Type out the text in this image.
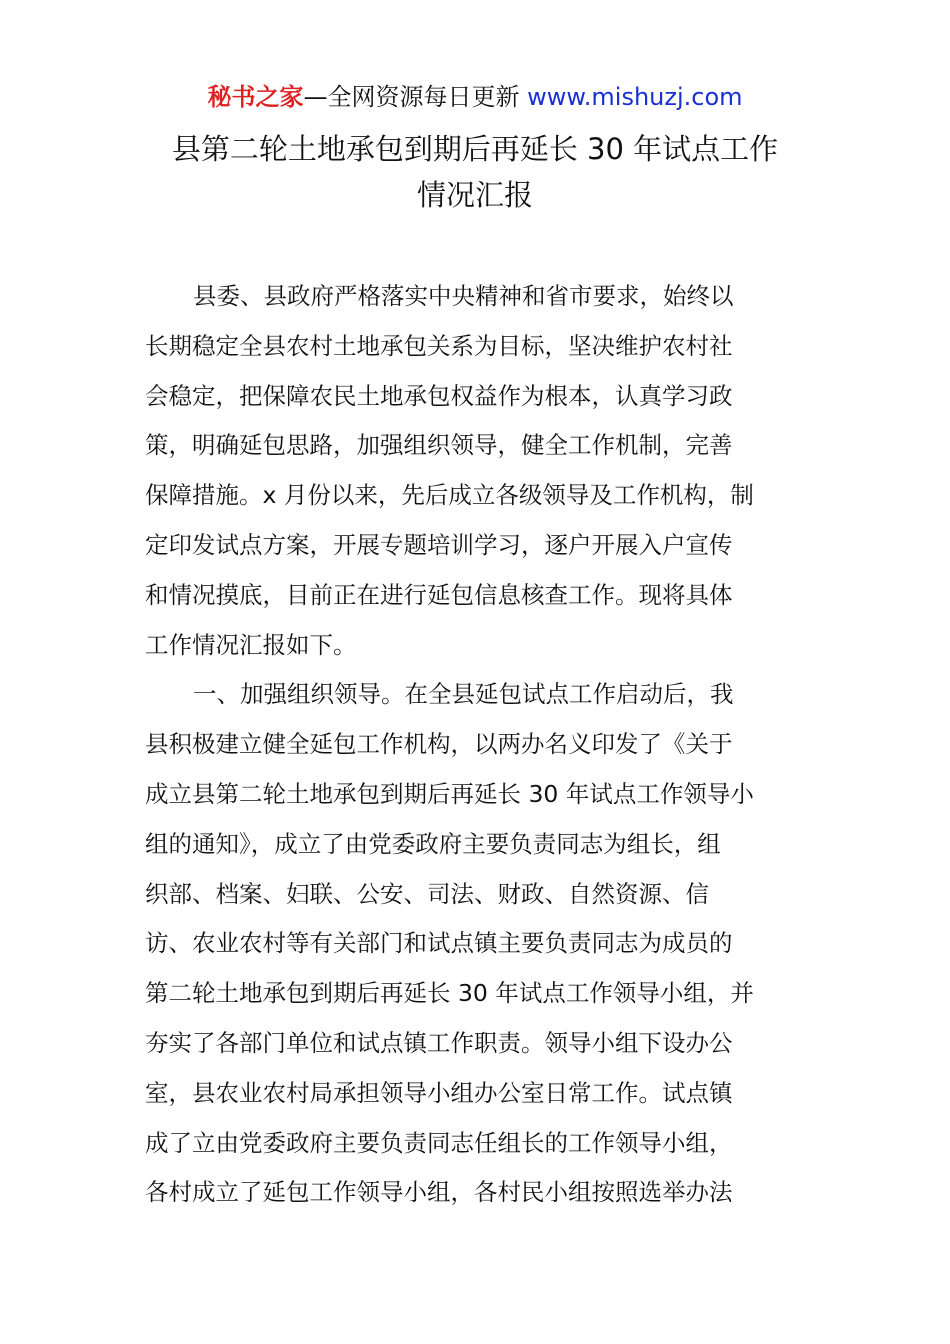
秘书之家—全网资源每日更新 www.mishuzj.com
县第二轮土地承包到期后再延长 30 年试点工作
情况汇报
县委、县政府严格落实中央精神和省市要求，始终以
长期稳定全县农村土地承包关系为目标，坚决维护农村社
会稳定，把保障农民土地承包权益作为根本，认真学习政
策，明确延包思路，加强组织领导，健全工作机制，完善
保障措施。x 月份以来，先后成立各级领导及工作机构，制
定印发试点方案，开展专题培训学习，逐户开展入户宣传
和情况摸底，目前正在进行延包信息核查工作。现将具体
工作情况汇报如下。
一、加强组织领导。在全县延包试点工作启动后，我
县积极建立健全延包工作机构，以两办名义印发了《关于
成立县第二轮土地承包到期后再延长 30 年试点工作领导小
组的通知》，成立了由党委政府主要负责同志为组长，组
织部、档案、妇联、公安、司法、财政、自然资源、信
访、农业农村等有关部门和试点镇主要负责同志为成员的
第二轮土地承包到期后再延长 30 年试点工作领导小组，并
夯实了各部门单位和试点镇工作职责。领导小组下设办公
室，县农业农村局承担领导小组办公室日常工作。试点镇
成了立由党委政府主要负责同志任组长的工作领导小组，
各村成立了延包工作领导小组，各村民小组按照选举办法
